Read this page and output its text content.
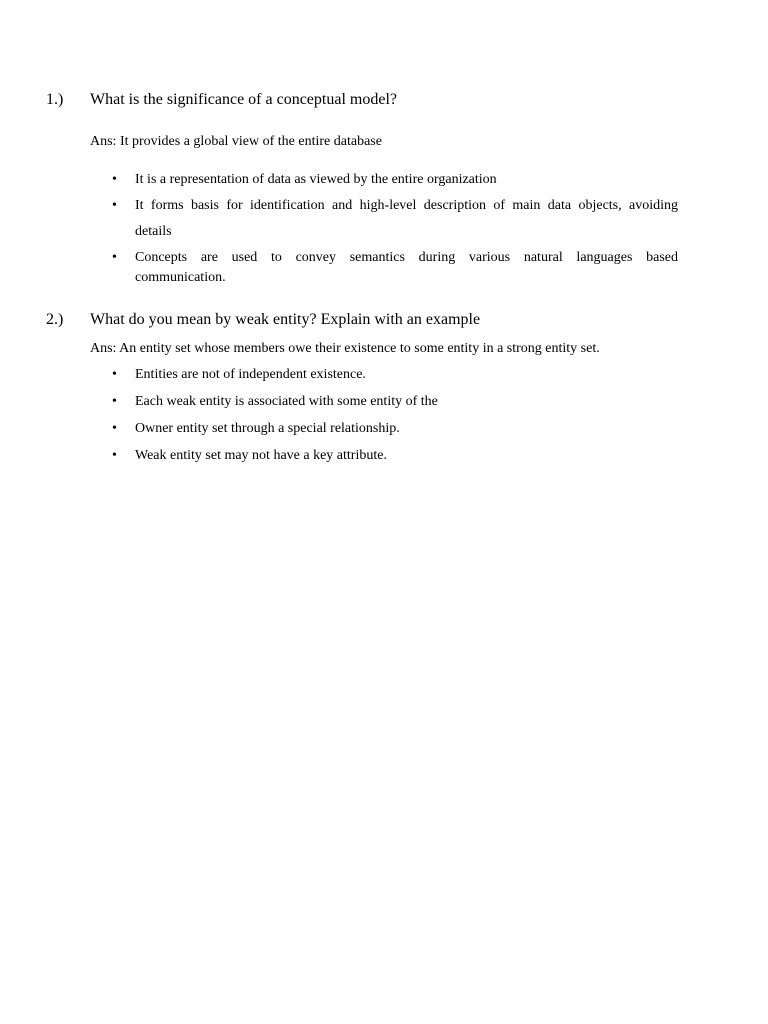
1.) What is the significance of a conceptual model?
Ans: It provides a global view of the entire database
• It is a representation of data as viewed by the entire organization
• It forms basis for identification and high-level description of main data objects, avoiding
details
• Concepts are used to convey semantics during various natural languages based
communication.
2.) What do you mean by weak entity? Explain with an example
Ans: An entity set whose members owe their existence to some entity in a strong entity set.
• Entities are not of independent existence.
• Each weak entity is associated with some entity of the
• Owner entity set through a special relationship.
• Weak entity set may not have a key attribute.
